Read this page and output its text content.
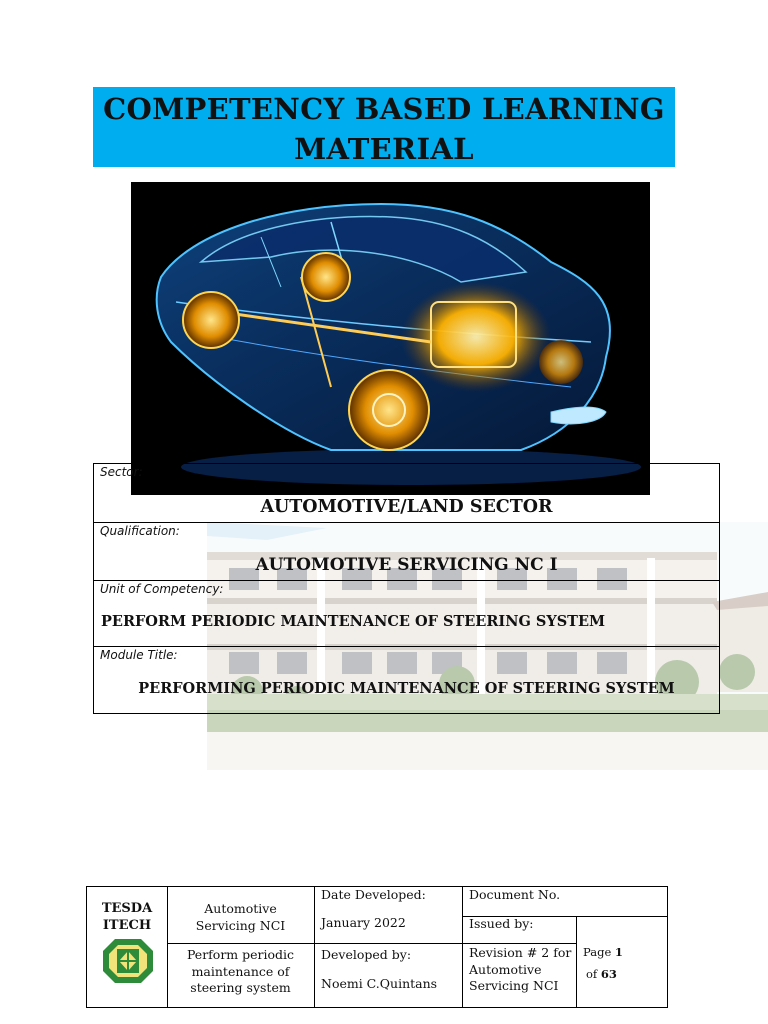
COMPETENCY BASED LEARNING
MATERIAL
Sector:
AUTOMOTIVE/LAND SECTOR
Qualification:
AUTOMOTIVE SERVICING NC I
Unit of Competency:
PERFORM PERIODIC MAINTENANCE OF STEERING SYSTEM
Module Title:
PERFORMING PERIODIC MAINTENANCE OF STEERING SYSTEM
TESDA
ITECH
Automotive
Servicing NCI
Perform periodic
maintenance of
steering system
Date Developed:
January 2022
Developed by:
Noemi C.Quintans
Document No.
Issued by:
Revision # 2 for
Automotive
Servicing NCI
Page 1
of 63
